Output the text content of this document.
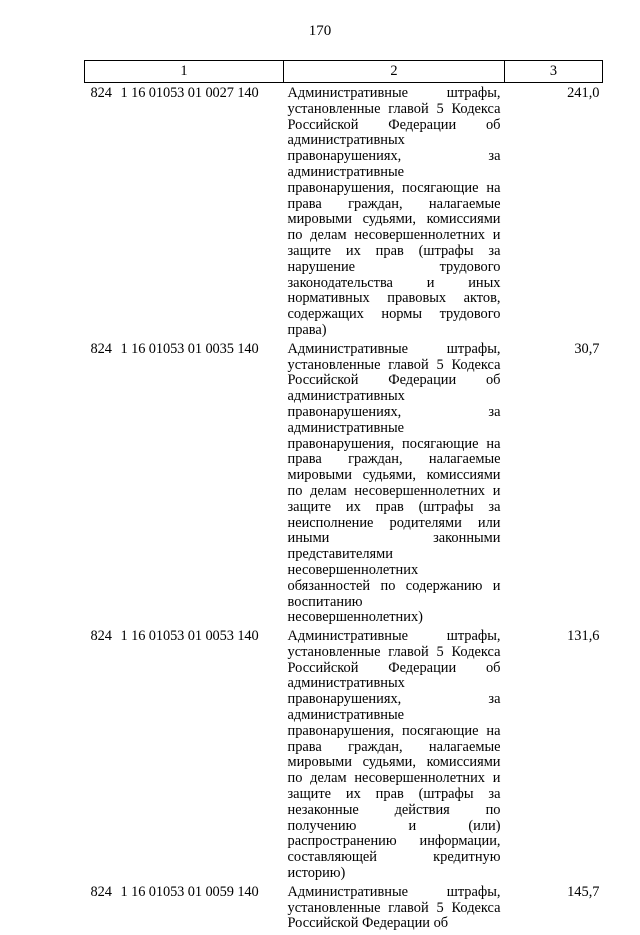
170
1	2	3
824 1 16 01053 01 0027 140	Административные штрафы, установленные главой 5 Кодекса Российской Федерации об административных правонарушениях, за административные правонарушения, посягающие на права граждан, налагаемые мировыми судьями, комиссиями по делам несовершеннолетних и защите их прав (штрафы за нарушение трудового законодательства и иных нормативных правовых актов, содержащих нормы трудового права)	241,0
824 1 16 01053 01 0035 140	Административные штрафы, установленные главой 5 Кодекса Российской Федерации об административных правонарушениях, за административные правонарушения, посягающие на права граждан, налагаемые мировыми судьями, комиссиями по делам несовершеннолетних и защите их прав (штрафы за неисполнение родителями или иными законными представителями несовершеннолетних обязанностей по содержанию и воспитанию несовершеннолетних)	30,7
824 1 16 01053 01 0053 140	Административные штрафы, установленные главой 5 Кодекса Российской Федерации об административных правонарушениях, за административные правонарушения, посягающие на права граждан, налагаемые мировыми судьями, комиссиями по делам несовершеннолетних и защите их прав (штрафы за незаконные действия по получению и (или) распространению информации, составляющей кредитную историю)	131,6
824 1 16 01053 01 0059 140	Административные штрафы, установленные главой 5 Кодекса Российской Федерации об	145,7
